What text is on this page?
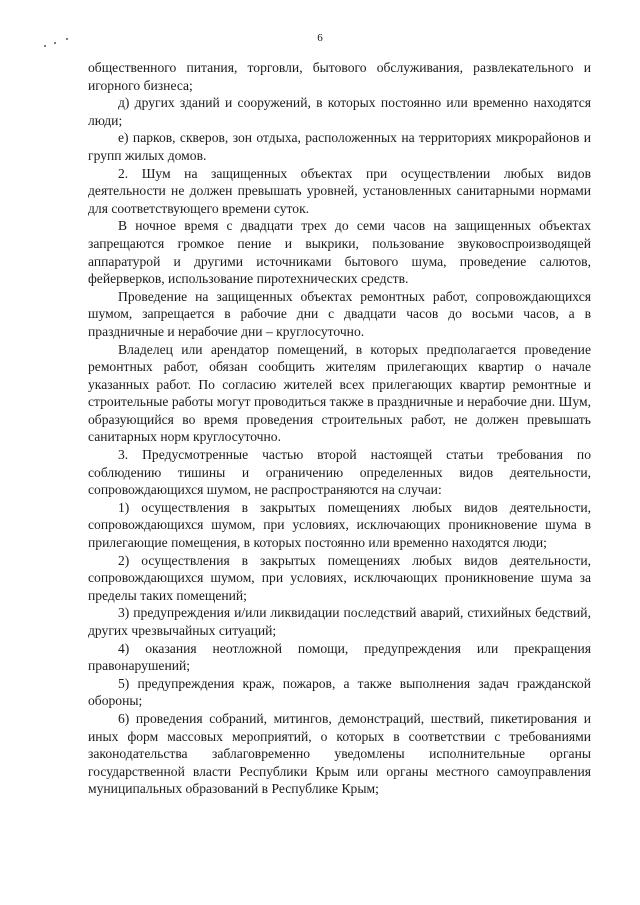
6

общественного питания, торговли, бытового обслуживания, развлекательного и игорного бизнеса;

д) других зданий и сооружений, в которых постоянно или временно находятся люди;

е) парков, скверов, зон отдыха, расположенных на территориях микрорайонов и групп жилых домов.

2. Шум на защищенных объектах при осуществлении любых видов деятельности не должен превышать уровней, установленных санитарными нормами для соответствующего времени суток.

В ночное время с двадцати трех до семи часов на защищенных объектах запрещаются громкое пение и выкрики, пользование звуковоспроизводящей аппаратурой и другими источниками бытового шума, проведение салютов, фейерверков, использование пиротехнических средств.

Проведение на защищенных объектах ремонтных работ, сопровождающихся шумом, запрещается в рабочие дни с двадцати часов до восьми часов, а в праздничные и нерабочие дни – круглосуточно.

Владелец или арендатор помещений, в которых предполагается проведение ремонтных работ, обязан сообщить жителям прилегающих квартир о начале указанных работ. По согласию жителей всех прилегающих квартир ремонтные и строительные работы могут проводиться также в праздничные и нерабочие дни. Шум, образующийся во время проведения строительных работ, не должен превышать санитарных норм круглосуточно.

3. Предусмотренные частью второй настоящей статьи требования по соблюдению тишины и ограничению определенных видов деятельности, сопровождающихся шумом, не распространяются на случаи:

1) осуществления в закрытых помещениях любых видов деятельности, сопровождающихся шумом, при условиях, исключающих проникновение шума в прилегающие помещения, в которых постоянно или временно находятся люди;

2) осуществления в закрытых помещениях любых видов деятельности, сопровождающихся шумом, при условиях, исключающих проникновение шума за пределы таких помещений;

3) предупреждения и/или ликвидации последствий аварий, стихийных бедствий, других чрезвычайных ситуаций;

4) оказания неотложной помощи, предупреждения или прекращения правонарушений;

5) предупреждения краж, пожаров, а также выполнения задач гражданской обороны;

6) проведения собраний, митингов, демонстраций, шествий, пикетирования и иных форм массовых мероприятий, о которых в соответствии с требованиями законодательства заблаговременно уведомлены исполнительные органы государственной власти Республики Крым или органы местного самоуправления муниципальных образований в Республике Крым;
